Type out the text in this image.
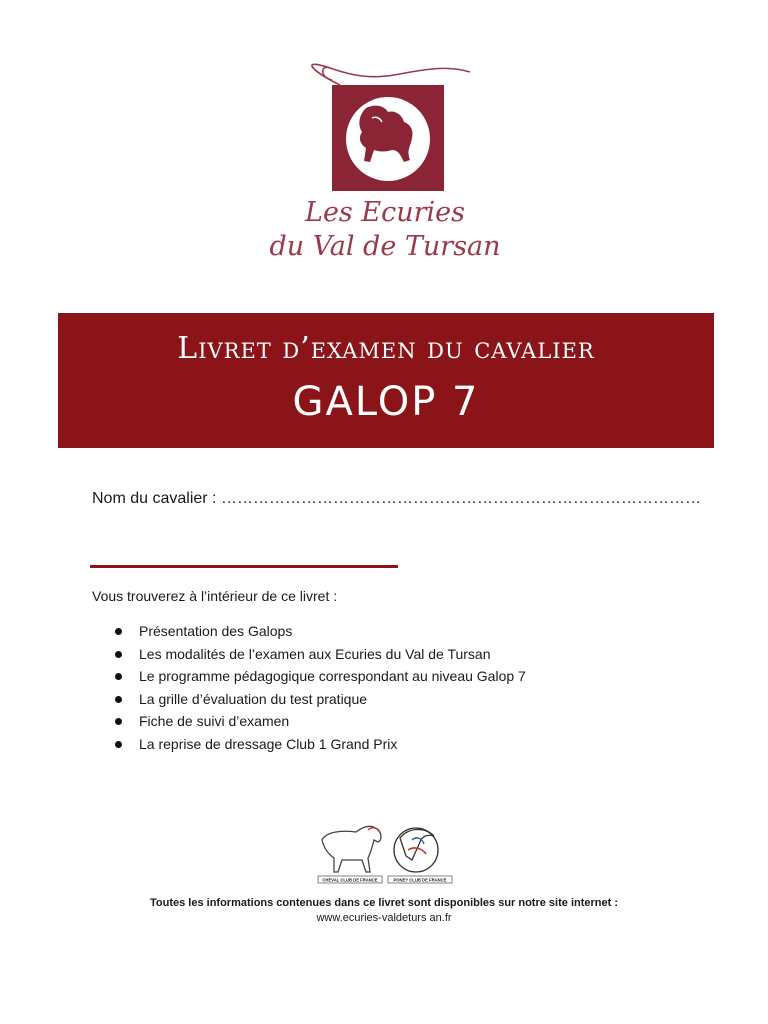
Les Ecuries
du Val de Tursan
Livret d’examen du cavalier
GALOP 7
Nom du cavalier : ………………………………………………………………………………
Vous trouverez à l’intérieur de ce livret :
Présentation des Galops
Les modalités de l’examen aux Ecuries du Val de Tursan
Le programme pédagogique correspondant au niveau Galop 7
La grille d’évaluation du test pratique
Fiche de suivi d’examen
La reprise de dressage Club 1 Grand Prix
CHEVAL CLUB DE FRANCE	PONEY CLUB DE FRANCE
Toutes les informations contenues dans ce livret sont disponibles sur notre site internet :
www.ecuries-valdeturs an.fr
